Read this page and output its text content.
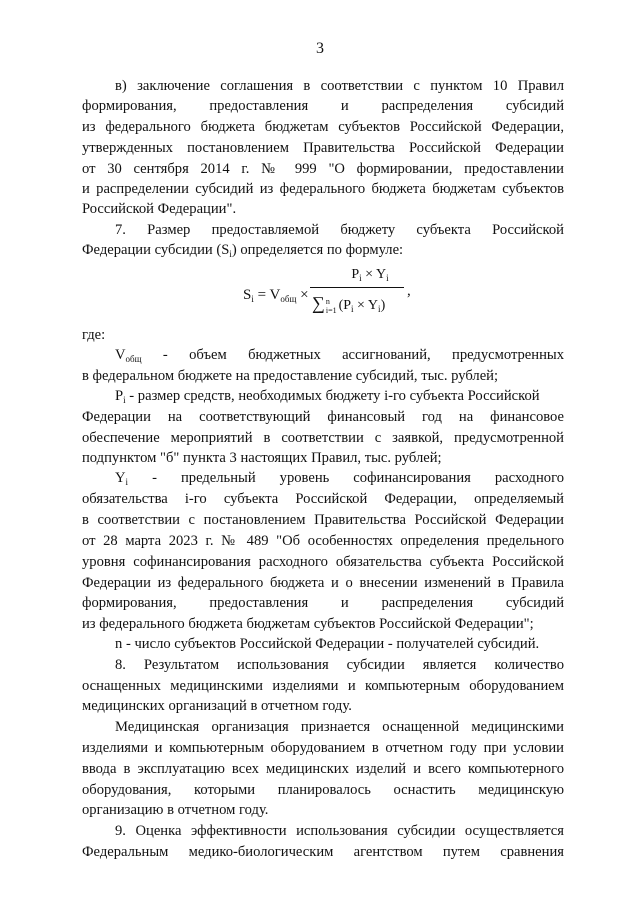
3
в) заключение соглашения в соответствии с пунктом 10 Правил
формирования, предоставления и распределения субсидий
из федерального бюджета бюджетам субъектов Российской Федерации,
утвержденных постановлением Правительства Российской Федерации
от 30 сентября 2014 г. № 999 "О формировании, предоставлении
и распределении субсидий из федерального бюджета бюджетам субъектов
Российской Федерации".
7. Размер предоставляемой бюджету субъекта Российской
Федерации субсидии $(S_i)$ определяется по формуле:
где:
$V_{общ}$ - объем бюджетных ассигнований, предусмотренных
в федеральном бюджете на предоставление субсидий, тыс. рублей;
$P_i$ - размер средств, необходимых бюджету i-го субъекта Российской
Федерации на соответствующий финансовый год на финансовое
обеспечение мероприятий в соответствии с заявкой, предусмотренной
подпунктом "б" пункта 3 настоящих Правил, тыс. рублей;
$Y_i$ - предельный уровень софинансирования расходного
обязательства i-го субъекта Российской Федерации, определяемый
в соответствии с постановлением Правительства Российской Федерации
от 28 марта 2023 г. № 489 "Об особенностях определения предельного
уровня софинансирования расходного обязательства субъекта Российской
Федерации из федерального бюджета и о внесении изменений в Правила
формирования, предоставления и распределения субсидий
из федерального бюджета бюджетам субъектов Российской Федерации";
n - число субъектов Российской Федерации - получателей субсидий.
8. Результатом использования субсидии является количество
оснащенных медицинскими изделиями и компьютерным оборудованием
медицинских организаций в отчетном году.
Медицинская организация признается оснащенной медицинскими
изделиями и компьютерным оборудованием в отчетном году при условии
ввода в эксплуатацию всех медицинских изделий и всего компьютерного
оборудования, которыми планировалось оснастить медицинскую
организацию в отчетном году.
9. Оценка эффективности использования субсидии осуществляется
Федеральным медико-биологическим агентством путем сравнения
$S_i = V_{общ}$ ×
$P_i \times Y_i$
∑n
i=1 $(P_i \times Y_i)$
,
